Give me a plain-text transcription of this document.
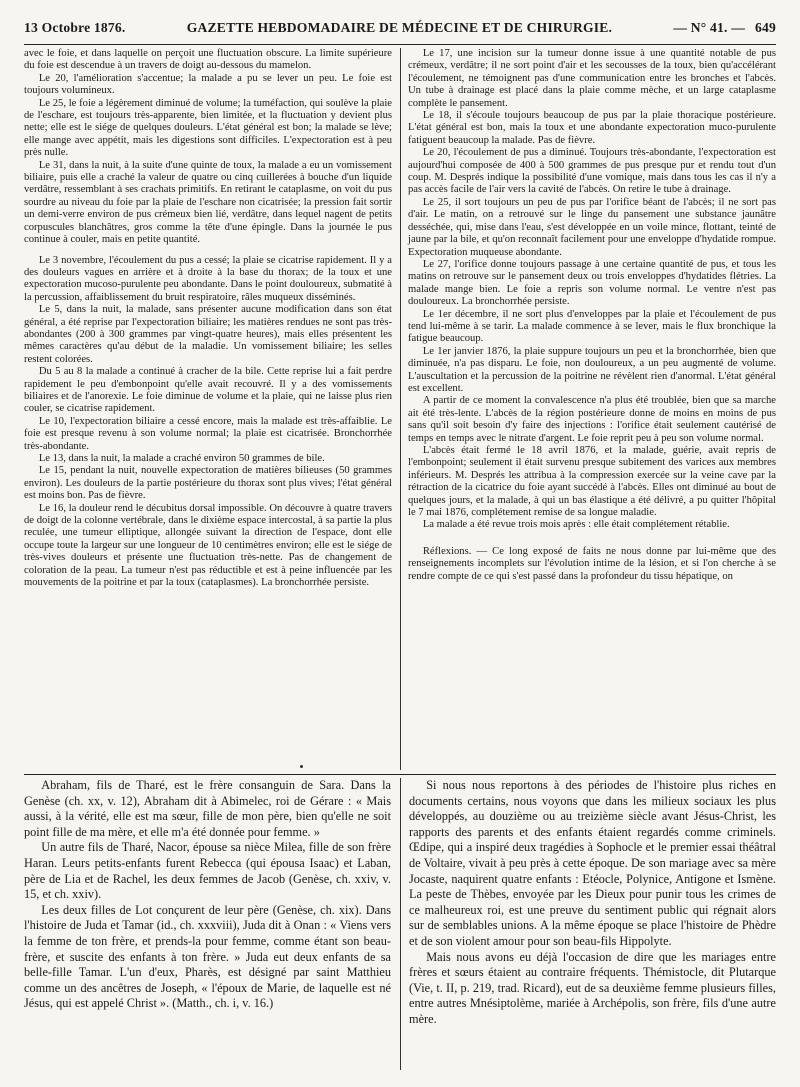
13 Octobre 1876.	GAZETTE HEBDOMADAIRE DE MÉDECINE ET DE CHIRURGIE.	— N° 41. — 649

avec le foie, et dans laquelle on perçoit une fluctuation obscure. La limite supérieure du foie est descendue à un travers de doigt au-dessous du mamelon.

Le 20, l'amélioration s'accentue; la malade a pu se lever un peu. Le foie est toujours volumineux.

Le 25, le foie a légèrement diminué de volume; la tuméfaction, qui soulève la plaie de l'eschare, est toujours très-apparente, bien limitée, et la fluctuation y devient plus nette; elle est le siége de quelques douleurs. L'état général est bon; la malade se lève; elle mange avec appétit, mais les digestions sont difficiles. L'expectoration est à peu près nulle.

Le 31, dans la nuit, à la suite d'une quinte de toux, la malade a eu un vomissement biliaire, puis elle a craché la valeur de quatre ou cinq cuillerées à bouche d'un liquide verdâtre, ressemblant à ses crachats primitifs. En retirant le cataplasme, on voit du pus sourdre au niveau du foie par la plaie de l'eschare non cicatrisée; la pression fait sortir un demi-verre environ de pus crémeux bien lié, verdâtre, dans lequel nagent de petits corpuscules blanchâtres, gros comme la tête d'une épingle. Dans la journée le pus continue à couler, mais en petite quantité.

Le 3 novembre, l'écoulement du pus a cessé; la plaie se cicatrise rapidement. Il y a des douleurs vagues en arrière et à droite à la base du thorax; de la toux et une expectoration mucoso-purulente peu abondante. Dans le point douloureux, submatité à la percussion, affaiblissement du bruit respiratoire, râles muqueux disséminés.

Le 5, dans la nuit, la malade, sans présenter aucune modification dans son état général, a été reprise par l'expectoration biliaire; les matières rendues ne sont pas très-abondantes (200 à 300 grammes par vingt-quatre heures), mais elles présentent les mêmes caractères qu'au début de la maladie. Un vomissement biliaire; les selles restent colorées.

Du 5 au 8 la malade a continué à cracher de la bile. Cette reprise lui a fait perdre rapidement le peu d'embonpoint qu'elle avait recouvré. Il y a des vomissements biliaires et de l'anorexie. Le foie diminue de volume et la plaie, qui ne laisse plus rien couler, se cicatrise rapidement.

Le 10, l'expectoration biliaire a cessé encore, mais la malade est très-affaiblie. Le foie est presque revenu à son volume normal; la plaie est cicatrisée. Bronchorrhée très-abondante.

Le 13, dans la nuit, la malade a craché environ 50 grammes de bile.

Le 15, pendant la nuit, nouvelle expectoration de matières bilieuses (50 grammes environ). Les douleurs de la partie postérieure du thorax sont plus vives; l'état général est moins bon. Pas de fièvre.

Le 16, la douleur rend le décubitus dorsal impossible. On découvre à quatre travers de doigt de la colonne vertébrale, dans le dixième espace intercostal, à sa partie la plus reculée, une tumeur elliptique, allongée suivant la direction de l'espace, dont elle occupe toute la largeur sur une longueur de 10 centimètres environ; elle est le siége de très-vives douleurs et présente une fluctuation très-nette. Pas de changement de coloration de la peau. La tumeur n'est pas réductible et est à peine influencée par les mouvements de la poitrine et par la toux (cataplasmes). La bronchorrhée persiste.

Le 17, une incision sur la tumeur donne issue à une quantité notable de pus crémeux, verdâtre; il ne sort point d'air et les secousses de la toux, bien qu'accélérant l'écoulement, ne témoignent pas d'une communication entre les bronches et l'abcès. Un tube à drainage est placé dans la plaie comme mèche, et un large cataplasme complète le pansement.

Le 18, il s'écoule toujours beaucoup de pus par la plaie thoracique postérieure. L'état général est bon, mais la toux et une abondante expectoration muco-purulente fatiguent beaucoup la malade. Pas de fièvre.

Le 20, l'écoulement de pus a diminué. Toujours très-abondante, l'expectoration est aujourd'hui composée de 400 à 500 grammes de pus presque pur et rendu tout d'un coup. M. Després indique la possibilité d'une vomique, mais dans tous les cas il n'y a pas accès facile de l'air vers la cavité de l'abcès. On retire le tube à drainage.

Le 25, il sort toujours un peu de pus par l'orifice béant de l'abcès; il ne sort pas d'air. Le matin, on a retrouvé sur le linge du pansement une substance jaunâtre desséchée, qui, mise dans l'eau, s'est développée en un voile mince, flottant, teinté de jaune par la bile, et qu'on reconnaît facilement pour une enveloppe d'hydatide rompue. Expectoration muqueuse abondante.

Le 27, l'orifice donne toujours passage à une certaine quantité de pus, et tous les matins on retrouve sur le pansement deux ou trois enveloppes d'hydatides flétries. La malade mange bien. Le foie a repris son volume normal. Le ventre n'est pas douloureux. La bronchorrhée persiste.

Le 1er décembre, il ne sort plus d'enveloppes par la plaie et l'écoulement de pus tend lui-même à se tarir. La malade commence à se lever, mais le flux bronchique la fatigue beaucoup.

Le 1er janvier 1876, la plaie suppure toujours un peu et la bronchorrhée, bien que diminuée, n'a pas disparu. Le foie, non douloureux, a un peu augmenté de volume. L'auscultation et la percussion de la poitrine ne révèlent rien d'anormal. L'état général est excellent.

A partir de ce moment la convalescence n'a plus été troublée, bien que sa marche ait été très-lente. L'abcès de la région postérieure donne de moins en moins de pus sans qu'il soit besoin d'y faire des injections : l'orifice était seulement cautérisé de temps en temps avec le nitrate d'argent. Le foie reprit peu à peu son volume normal.

L'abcès était fermé le 18 avril 1876, et la malade, guérie, avait repris de l'embonpoint; seulement il était survenu presque subitement des varices aux membres inférieurs. M. Després les attribua à la compression exercée sur la veine cave par la rétraction de la cicatrice du foie ayant succédé à l'abcès. Elles ont diminué au bout de quelques jours, et la malade, à qui un bas élastique a été délivré, a pu quitter l'hôpital le 7 mai 1876, complétement remise de sa longue maladie.

La malade a été revue trois mois après : elle était complétement rétablie.

Réflexions. — Ce long exposé de faits ne nous donne par lui-même que des renseignements incomplets sur l'évolution intime de la lésion, et si l'on cherche à se rendre compte de ce qui s'est passé dans la profondeur du tissu hépatique, on

Abraham, fils de Tharé, est le frère consanguin de Sara. Dans la Genèse (ch. xx, v. 12), Abraham dit à Abimelec, roi de Gérare : « Mais aussi, à la vérité, elle est ma sœur, fille de mon père, bien qu'elle ne soit point fille de ma mère, et elle m'a été donnée pour femme. »

Un autre fils de Tharé, Nacor, épouse sa nièce Milea, fille de son frère Haran. Leurs petits-enfants furent Rebecca (qui épousa Isaac) et Laban, père de Lia et de Rachel, les deux femmes de Jacob (Genèse, ch. xxiv, v. 15, et ch. xxiv).

Les deux filles de Lot conçurent de leur père (Genèse, ch. xix). Dans l'histoire de Juda et Tamar (id., ch. xxxviii), Juda dit à Onan : « Viens vers la femme de ton frère, et prends-la pour femme, comme étant son beau-frère, et suscite des enfants à ton frère. » Juda eut deux enfants de sa belle-fille Tamar. L'un d'eux, Pharès, est désigné par saint Matthieu comme un des ancêtres de Joseph, « l'époux de Marie, de laquelle est né Jésus, qui est appelé Christ ». (Matth., ch. i, v. 16.)

Si nous nous reportons à des périodes de l'histoire plus riches en documents certains, nous voyons que dans les milieux sociaux les plus développés, au douzième ou au treizième siècle avant Jésus-Christ, les rapports des parents et des enfants étaient regardés comme criminels. Œdipe, qui a inspiré deux tragédies à Sophocle et le premier essai théâtral de Voltaire, vivait à peu près à cette époque. De son mariage avec sa mère Jocaste, naquirent quatre enfants : Etéocle, Polynice, Antigone et Ismène. La peste de Thèbes, envoyée par les Dieux pour punir tous les crimes de ce malheureux roi, est une preuve du sentiment public qui régnait alors sur de semblables unions. A la même époque se place l'histoire de Phèdre et de son violent amour pour son beau-fils Hippolyte.

Mais nous avons eu déjà l'occasion de dire que les mariages entre frères et sœurs étaient au contraire fréquents. Thémistocle, dit Plutarque (Vie, t. II, p. 219, trad. Ricard), eut de sa deuxième femme plusieurs filles, entre autres Mnésiptolème, mariée à Archépolis, son frère, fils d'une autre mère.
